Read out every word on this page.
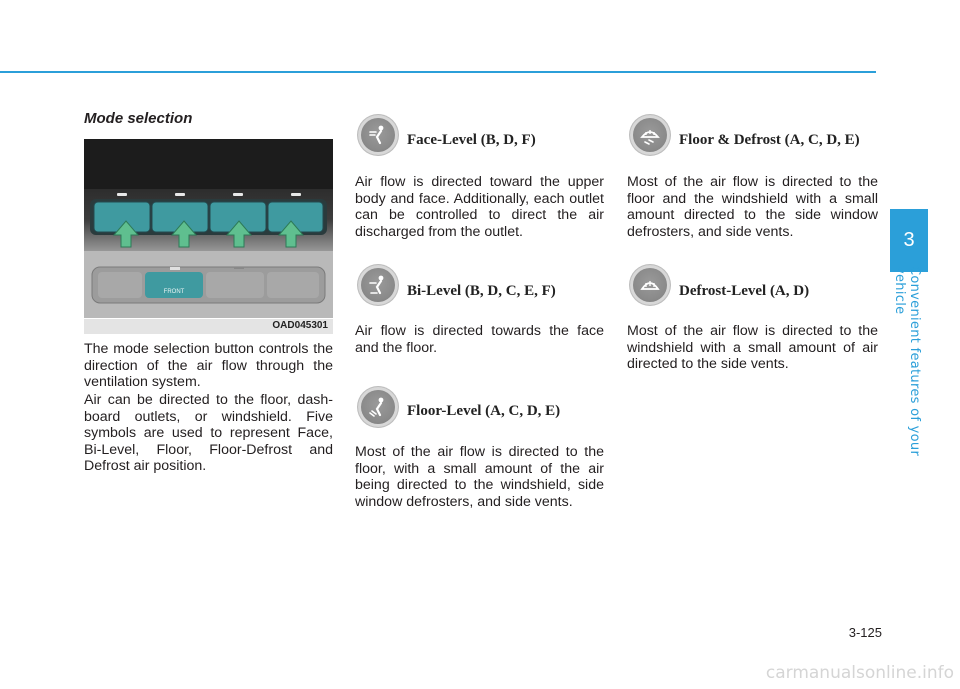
Mode selection
FRONT
OAD045301

The mode selection button controls the direction of the air flow through the ventilation system.

Air can be directed to the floor, dash-board outlets, or windshield. Five symbols are used to represent Face, Bi-Level, Floor, Floor-Defrost and Defrost air position.

Face-Level (B, D, F)

Air flow is directed toward the upper body and face. Additionally, each outlet can be controlled to direct the air discharged from the outlet.

Bi-Level (B, D, C, E, F)

Air flow is directed towards the face and the floor.

Floor-Level (A, C, D, E)

Most of the air flow is directed to the floor, with a small amount of the air being directed to the windshield, side window defrosters, and side vents.

Floor & Defrost (A, C, D, E)

Most of the air flow is directed to the floor and the windshield with a small amount directed to the side window defrosters, and side vents.

Defrost-Level (A, D)

Most of the air flow is directed to the windshield with a small amount of air directed to the side vents.

3
Convenient features of your vehicle
3-125
carmanualsonline.info
